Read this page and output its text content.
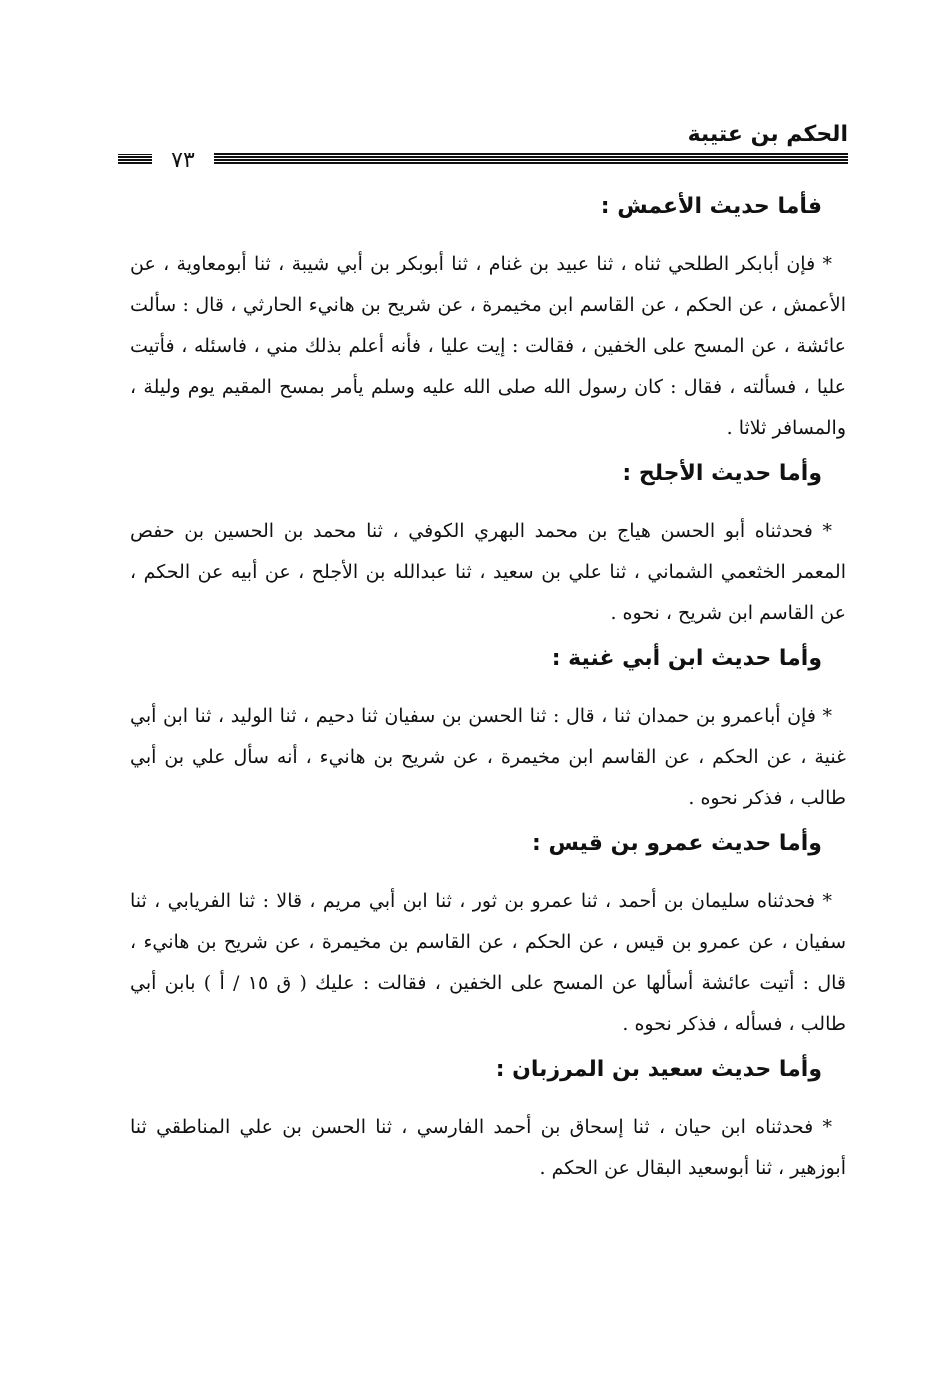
الحكم بن عتيبة
٧٣

فأما حديث الأعمش :

* فإن أبابكر الطلحي ثناه ، ثنا عبيد بن غنام ، ثنا أبوبكر بن أبي شيبة ، ثنا أبومعاوية ، عن الأعمش ، عن الحكم ، عن القاسم ابن مخيمرة ، عن شريح بن هانيء الحارثي ، قال : سألت عائشة ، عن المسح على الخفين ، فقالت : إيت عليا ، فأنه أعلم بذلك مني ، فاسئله ، فأتيت عليا ، فسألته ، فقال : كان رسول الله صلى الله عليه وسلم يأمر بمسح المقيم يوم وليلة ، والمسافر ثلاثا .

وأما حديث الأجلح :

* فحدثناه أبو الحسن هياج بن محمد البهري الكوفي ، ثنا محمد بن الحسين بن حفص المعمر الخثعمي الشماني ، ثنا علي بن سعيد ، ثنا عبدالله بن الأجلح ، عن أبيه عن الحكم ، عن القاسم ابن شريح ، نحوه .

وأما حديث ابن أبي غنية :

* فإن أباعمرو بن حمدان ثنا ، قال : ثنا الحسن بن سفيان ثنا دحيم ، ثنا الوليد ، ثنا ابن أبي غنية ، عن الحكم ، عن القاسم ابن مخيمرة ، عن شريح بن هانيء ، أنه سأل علي بن أبي طالب ، فذكر نحوه .

وأما حديث عمرو بن قيس :

* فحدثناه سليمان بن أحمد ، ثنا عمرو بن ثور ، ثنا ابن أبي مريم ، قالا : ثنا الفريابي ، ثنا سفيان ، عن عمرو بن قيس ، عن الحكم ، عن القاسم بن مخيمرة ، عن شريح بن هانيء ، قال : أتيت عائشة أسألها عن المسح على الخفين ، فقالت : عليك ( ق ١٥ / أ ) بابن أبي طالب ، فسأله ، فذكر نحوه .

وأما حديث سعيد بن المرزبان :

* فحدثناه ابن حيان ، ثنا إسحاق بن أحمد الفارسي ، ثنا الحسن بن علي المناطقي ثنا أبوزهير ، ثنا أبوسعيد البقال عن الحكم .
